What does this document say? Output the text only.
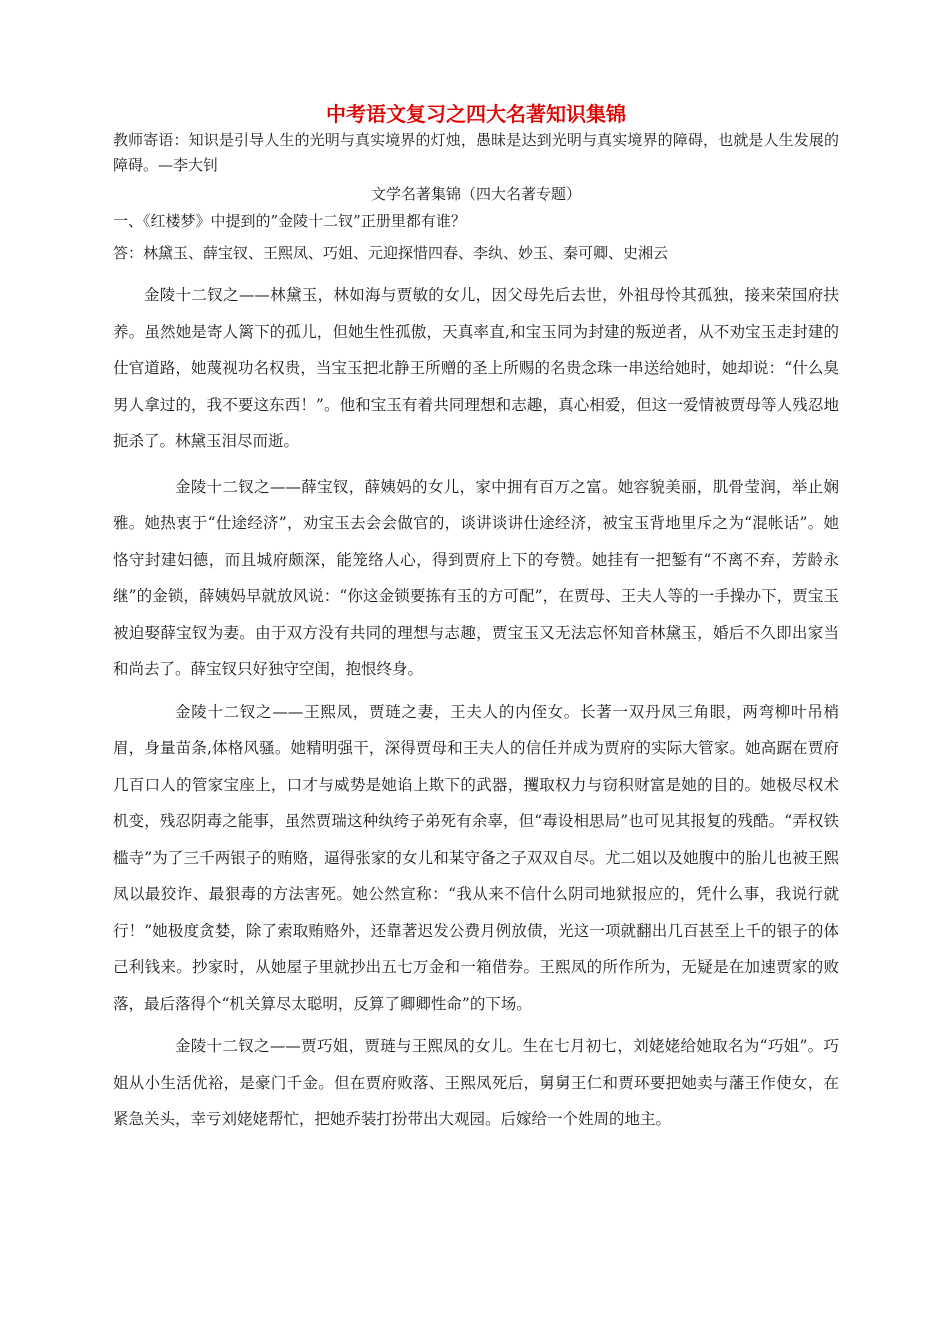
中考语文复习之四大名著知识集锦

教师寄语：知识是引导人生的光明与真实境界的灯烛，愚昧是达到光明与真实境界的障碍，也就是人生发展的障碍。—李大钊

文学名著集锦（四大名著专题）

一、《红楼梦》中提到的”金陵十二钗”正册里都有谁？

答：林黛玉、薛宝钗、王熙凤、巧姐、元迎探惜四春、李纨、妙玉、秦可卿、史湘云

金陵十二钗之——林黛玉，林如海与贾敏的女儿，因父母先后去世，外祖母怜其孤独，接来荣国府扶养。虽然她是寄人篱下的孤儿，但她生性孤傲，天真率直,和宝玉同为封建的叛逆者，从不劝宝玉走封建的仕官道路，她蔑视功名权贵，当宝玉把北静王所赠的圣上所赐的名贵念珠一串送给她时，她却说：“什么臭男人拿过的，我不要这东西！”。他和宝玉有着共同理想和志趣，真心相爱，但这一爱情被贾母等人残忍地扼杀了。林黛玉泪尽而逝。

金陵十二钗之——薛宝钗，薛姨妈的女儿，家中拥有百万之富。她容貌美丽，肌骨莹润，举止娴雅。她热衷于“仕途经济”，劝宝玉去会会做官的，谈讲谈讲仕途经济，被宝玉背地里斥之为“混帐话”。她恪守封建妇德，而且城府颇深，能笼络人心，得到贾府上下的夸赞。她挂有一把錾有“不离不弃，芳龄永继”的金锁，薛姨妈早就放风说：“你这金锁要拣有玉的方可配”，在贾母、王夫人等的一手操办下，贾宝玉被迫娶薛宝钗为妻。由于双方没有共同的理想与志趣，贾宝玉又无法忘怀知音林黛玉，婚后不久即出家当和尚去了。薛宝钗只好独守空闺，抱恨终身。

金陵十二钗之——王熙凤，贾琏之妻，王夫人的内侄女。长著一双丹凤三角眼，两弯柳叶吊梢眉，身量苗条,体格风骚。她精明强干，深得贾母和王夫人的信任并成为贾府的实际大管家。她高踞在贾府几百口人的管家宝座上，口才与威势是她谄上欺下的武器，攫取权力与窃积财富是她的目的。她极尽权术机变，残忍阴毒之能事，虽然贾瑞这种纨绔子弟死有余辜，但“毒设相思局”也可见其报复的残酷。“弄权铁槛寺”为了三千两银子的贿赂，逼得张家的女儿和某守备之子双双自尽。尤二姐以及她腹中的胎儿也被王熙凤以最狡诈、最狠毒的方法害死。她公然宣称：“我从来不信什么阴司地狱报应的，凭什么事，我说行就行！”她极度贪婪，除了索取贿赂外，还靠著迟发公费月例放债，光这一项就翻出几百甚至上千的银子的体己利钱来。抄家时，从她屋子里就抄出五七万金和一箱借券。王熙凤的所作所为，无疑是在加速贾家的败落，最后落得个“机关算尽太聪明，反算了卿卿性命”的下场。

金陵十二钗之——贾巧姐，贾琏与王熙凤的女儿。生在七月初七，刘姥姥给她取名为“巧姐”。巧姐从小生活优裕，是豪门千金。但在贾府败落、王熙凤死后，舅舅王仁和贾环要把她卖与藩王作使女，在紧急关头，幸亏刘姥姥帮忙，把她乔装打扮带出大观园。后嫁给一个姓周的地主。
